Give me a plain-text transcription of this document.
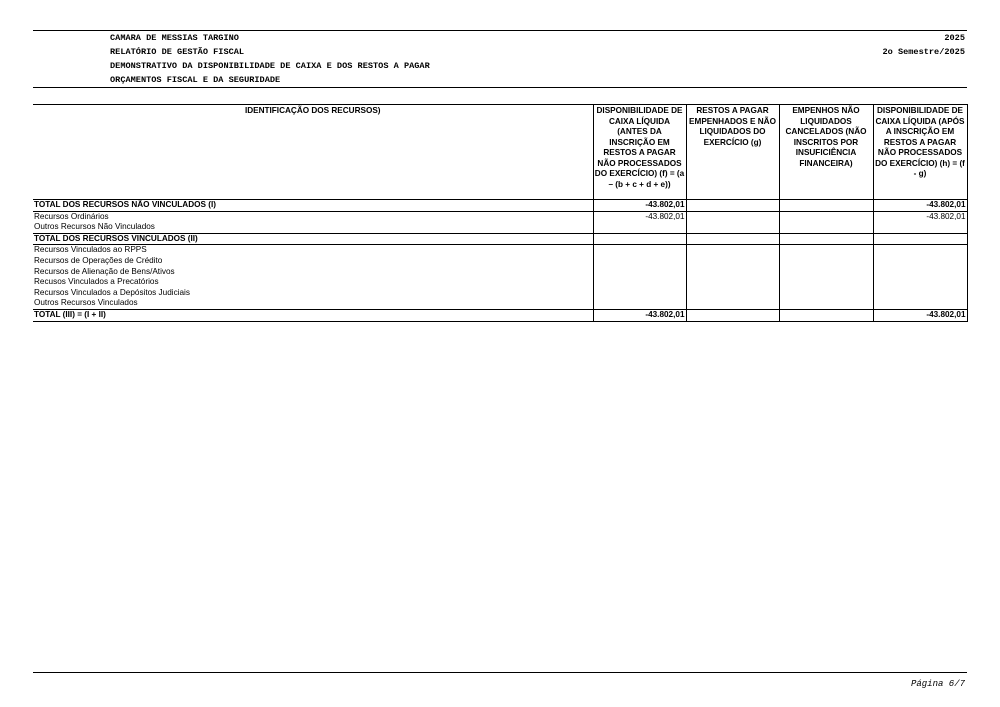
CAMARA DE MESSIAS TARGINO	2025
RELATÓRIO DE GESTÃO FISCAL	2o Semestre/2025
DEMONSTRATIVO DA DISPONIBILIDADE DE CAIXA E DOS RESTOS A PAGAR
ORÇAMENTOS FISCAL E DA SEGURIDADE
IDENTIFICAÇÃO DOS RECURSOS)	DISPONIBILIDADE DE CAIXA LÍQUIDA (ANTES DA INSCRIÇÃO EM RESTOS A PAGAR NÃO PROCESSADOS DO EXERCÍCIO) (f) = (a – (b + c + d + e))	RESTOS A PAGAR EMPENHADOS E NÃO LIQUIDADOS DO EXERCÍCIO (g)	EMPENHOS NÃO LIQUIDADOS CANCELADOS (NÃO INSCRITOS POR INSUFICIÊNCIA FINANCEIRA)	DISPONIBILIDADE DE CAIXA LÍQUIDA (APÓS A INSCRIÇÃO EM RESTOS A PAGAR NÃO PROCESSADOS DO EXERCÍCIO) (h) = (f - g)
TOTAL DOS RECURSOS NÃO VINCULADOS (I)	-43.802,01			-43.802,01
Recursos Ordinários	-43.802,01			-43.802,01
Outros Recursos Não Vinculados				
TOTAL DOS RECURSOS VINCULADOS (II)				
Recursos Vinculados ao RPPS				
Recursos de Operações de Crédito				
Recursos de Alienação de Bens/Ativos				
Recusos Vinculados a Precatórios				
Recursos Vinculados a Depósitos Judiciais				
Outros Recursos Vinculados				
TOTAL (III) = (I + II)	-43.802,01			-43.802,01
Página 6/7
